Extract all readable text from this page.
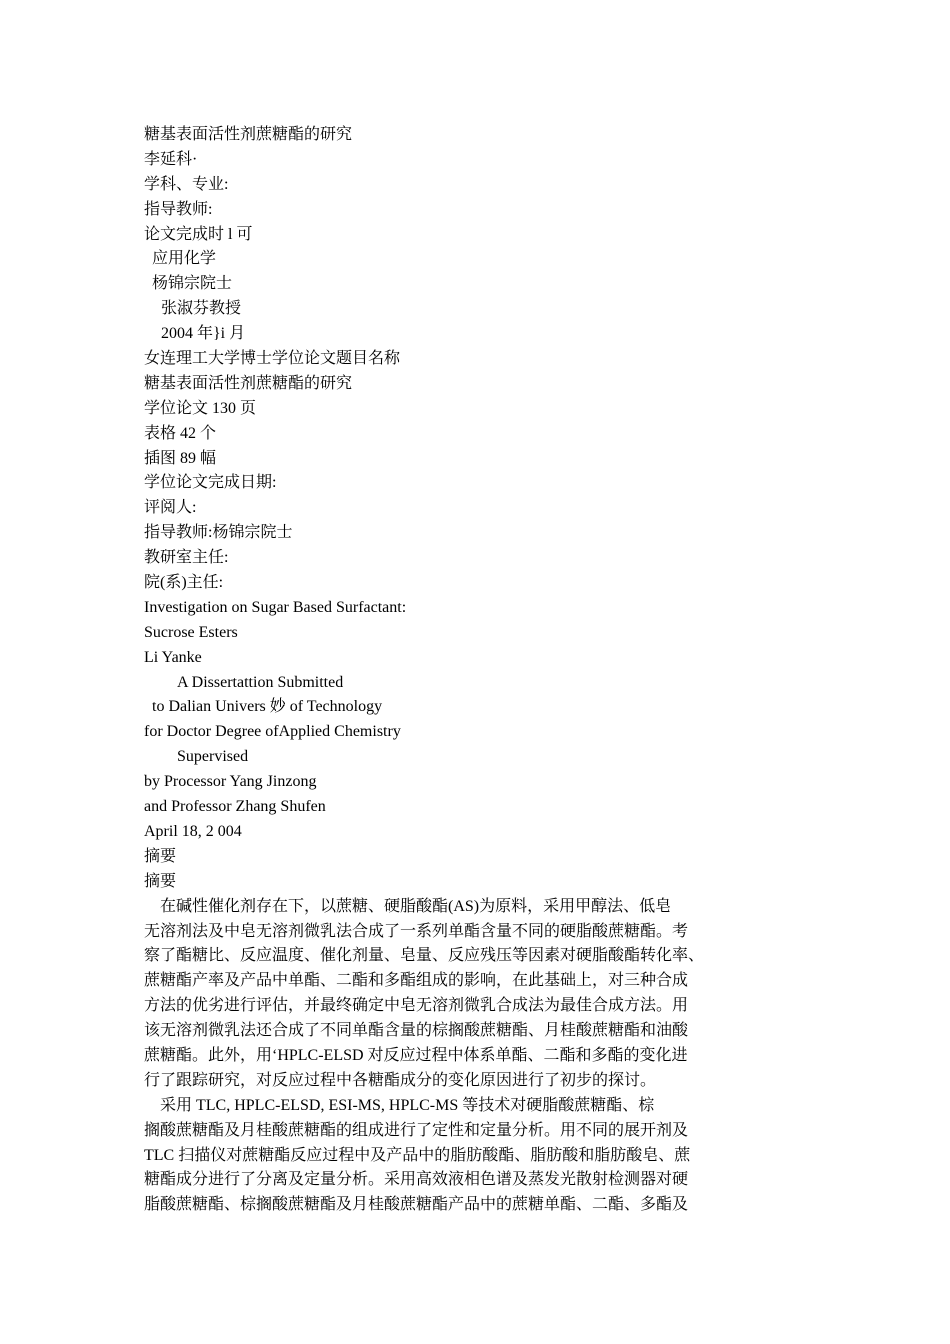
糖基表面活性剂蔗糖酯的研究
李延科·
学科、专业:
指导教师:
论文完成时 l 可
应用化学
杨锦宗院士
张淑芬教授
2004 年}i 月
女连理工大学博士学位论文题目名称
糖基表面活性剂蔗糖酯的研究
学位论文 130 页
表格 42 个
插图 89 幅
学位论文完成日期:
评阅人:
指导教师:杨锦宗院士
教研室主任:
院(系)主任:
Investigation on Sugar Based Surfactant:
Sucrose Esters
Li Yanke
A Dissertattion Submitted
to Dalian Univers 妙 of Technology
for Doctor Degree ofApplied Chemistry
Supervised
by Processor Yang Jinzong
and Professor Zhang Shufen
April 18, 2 004
摘要
摘要
在碱性催化剂存在下，以蔗糖、硬脂酸酯(AS)为原料，采用甲醇法、低皂
无溶剂法及中皂无溶剂微乳法合成了一系列单酯含量不同的硬脂酸蔗糖酯。考
察了酯糖比、反应温度、催化剂量、皂量、反应残压等因素对硬脂酸酯转化率、
蔗糖酯产率及产品中单酯、二酯和多酯组成的影响，在此基础上，对三种合成
方法的优劣进行评估，并最终确定中皂无溶剂微乳合成法为最佳合成方法。用
该无溶剂微乳法还合成了不同单酯含量的棕搁酸蔗糖酯、月桂酸蔗糖酯和油酸
蔗糖酯。此外，用‘HPLC-ELSD 对反应过程中体系单酯、二酯和多酯的变化进
行了跟踪研究，对反应过程中各糖酯成分的变化原因进行了初步的探讨。
采用 TLC, HPLC-ELSD, ESI-MS, HPLC-MS 等技术对硬脂酸蔗糖酯、棕
搁酸蔗糖酯及月桂酸蔗糖酯的组成进行了定性和定量分析。用不同的展开剂及
TLC 扫描仪对蔗糖酯反应过程中及产品中的脂肪酸酯、脂肪酸和脂肪酸皂、蔗
糖酯成分进行了分离及定量分析。采用高效液相色谱及蒸发光散射检测器对硬
脂酸蔗糖酯、棕搁酸蔗糖酯及月桂酸蔗糖酯产品中的蔗糖单酯、二酯、多酯及
